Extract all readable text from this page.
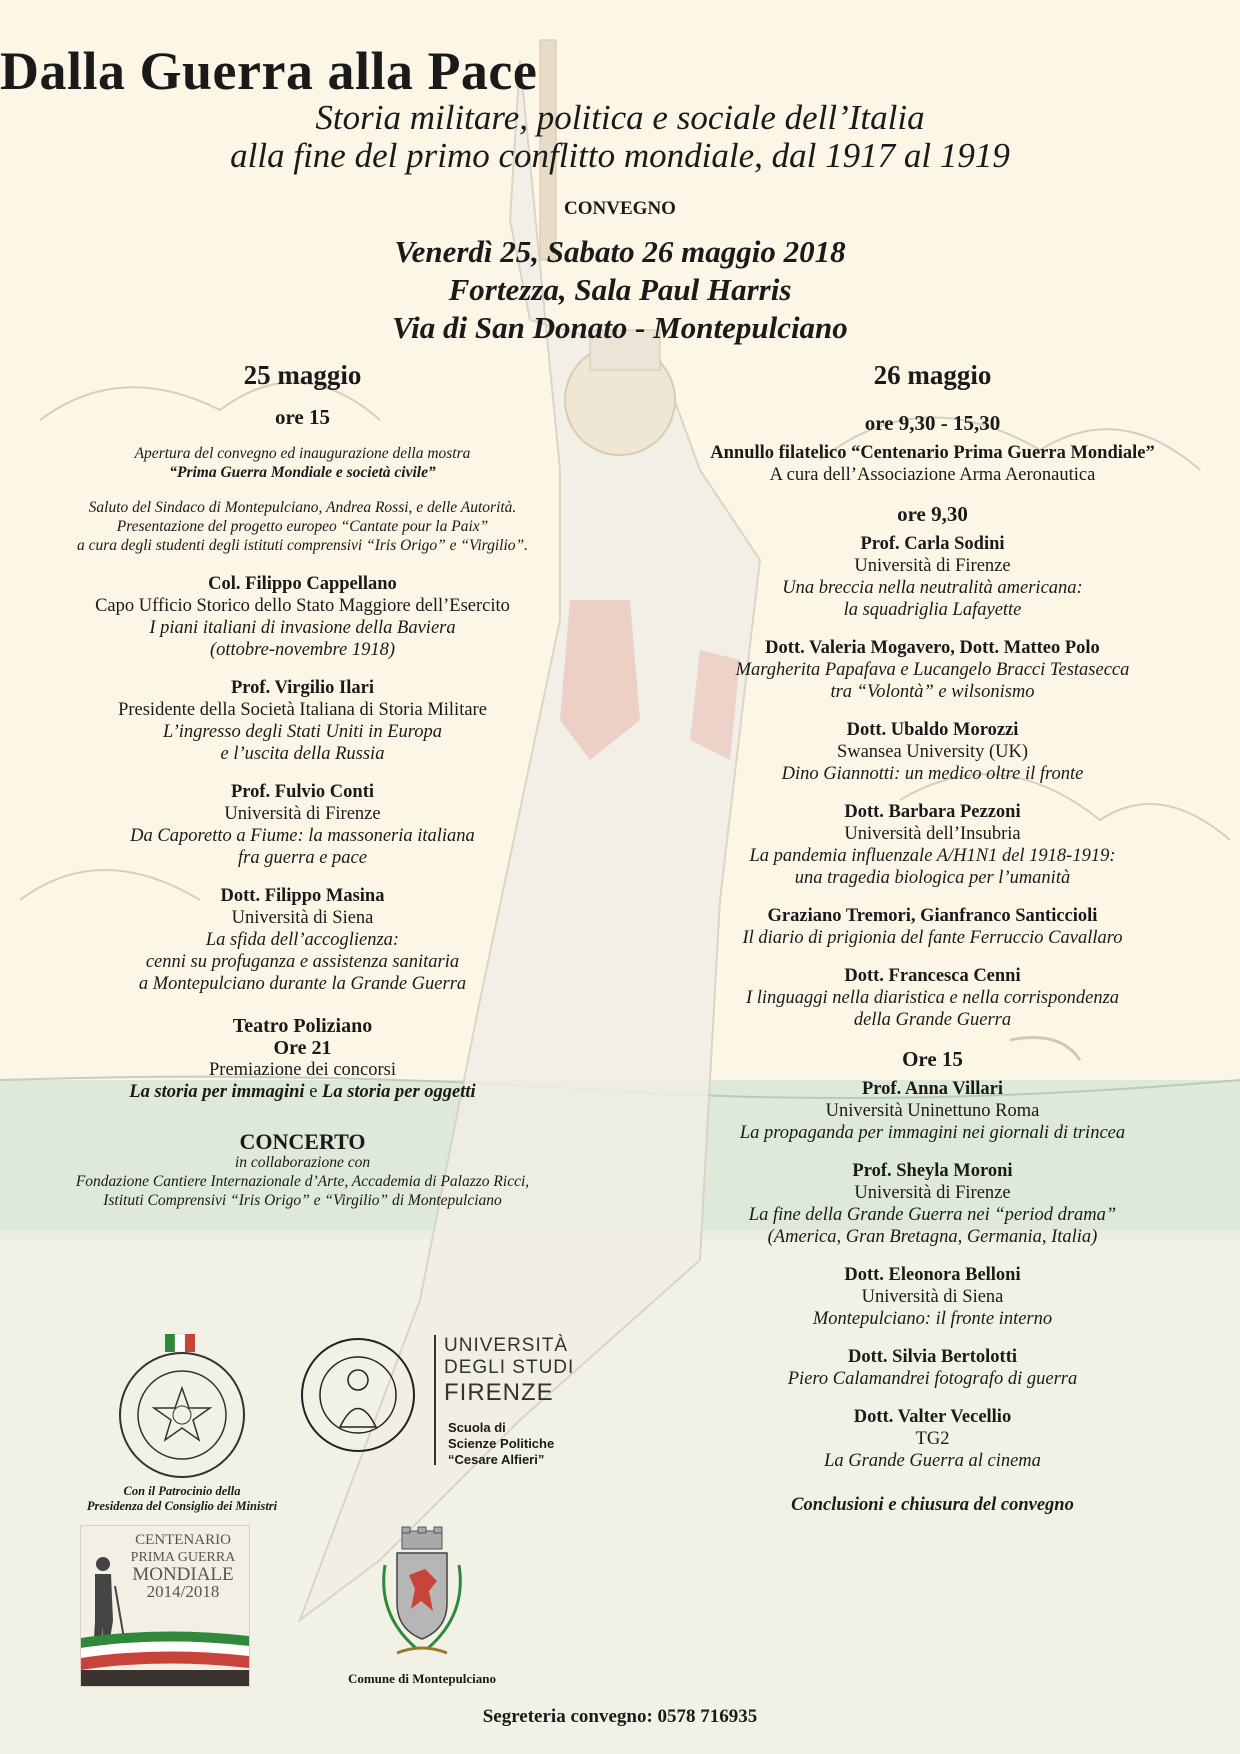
Dalla Guerra alla Pace
Storia militare, politica e sociale dell’Italia
alla fine del primo conflitto mondiale, dal 1917 al 1919
CONVEGNO
Venerdì 25, Sabato 26 maggio 2018
Fortezza, Sala Paul Harris
Via di San Donato - Montepulciano
25 maggio
ore 15
Apertura del convegno ed inaugurazione della mostra
“Prima Guerra Mondiale e società civile”
Saluto del Sindaco di Montepulciano, Andrea Rossi, e delle Autorità.
Presentazione del progetto europeo “Cantate pour la Paix”
a cura degli studenti degli istituti comprensivi “Iris Origo” e “Virgilio”.
Col. Filippo Cappellano
Capo Ufficio Storico dello Stato Maggiore dell’Esercito
I piani italiani di invasione della Baviera
(ottobre-novembre 1918)
Prof. Virgilio Ilari
Presidente della Società Italiana di Storia Militare
L’ingresso degli Stati Uniti in Europa
e l’uscita della Russia
Prof. Fulvio Conti
Università di Firenze
Da Caporetto a Fiume: la massoneria italiana
fra guerra e pace
Dott. Filippo Masina
Università di Siena
La sfida dell’accoglienza:
cenni su profuganza e assistenza sanitaria
a Montepulciano durante la Grande Guerra
Teatro Poliziano
Ore 21
Premiazione dei concorsi
La storia per immagini e La storia per oggetti
CONCERTO
in collaborazione con
Fondazione Cantiere Internazionale d’Arte, Accademia di Palazzo Ricci,
Istituti Comprensivi “Iris Origo” e “Virgilio” di Montepulciano
26 maggio
ore 9,30 - 15,30
Annullo filatelico “Centenario Prima Guerra Mondiale”
A cura dell’Associazione Arma Aeronautica
ore 9,30
Prof. Carla Sodini
Università di Firenze
Una breccia nella neutralità americana:
la squadriglia Lafayette
Dott. Valeria Mogavero, Dott. Matteo Polo
Margherita Papafava e Lucangelo Bracci Testasecca
tra “Volontà” e wilsonismo
Dott. Ubaldo Morozzi
Swansea University (UK)
Dino Giannotti: un medico oltre il fronte
Dott. Barbara Pezzoni
Università dell’Insubria
La pandemia influenzale A/H1N1 del 1918-1919:
una tragedia biologica per l’umanità
Graziano Tremori, Gianfranco Santicciolі
Il diario di prigionia del fante Ferruccio Cavallaro
Dott. Francesca Cenni
I linguaggi nella diaristica e nella corrispondenza
della Grande Guerra
Ore 15
Prof. Anna Villari
Università Uninettuno Roma
La propaganda per immagini nei giornali di trincea
Prof. Sheyla Moroni
Università di Firenze
La fine della Grande Guerra nei “period drama”
(America, Gran Bretagna, Germania, Italia)
Dott. Eleonora Belloni
Università di Siena
Montepulciano: il fronte interno
Dott. Silvia Bertolotti
Piero Calamandrei fotografo di guerra
Dott. Valter Vecellio
TG2
La Grande Guerra al cinema
Conclusioni e chiusura del convegno
Con il Patrocinio della
Presidenza del Consiglio dei Ministri
UNIVERSITÀ
DEGLI STUDI
FIRENZE
Scuola di
Scienze Politiche
“Cesare Alfieri”
CENTENARIO
PRIMA GUERRA
MONDIALE
2014/2018
Comune di Montepulciano
Segreteria convegno: 0578 716935
